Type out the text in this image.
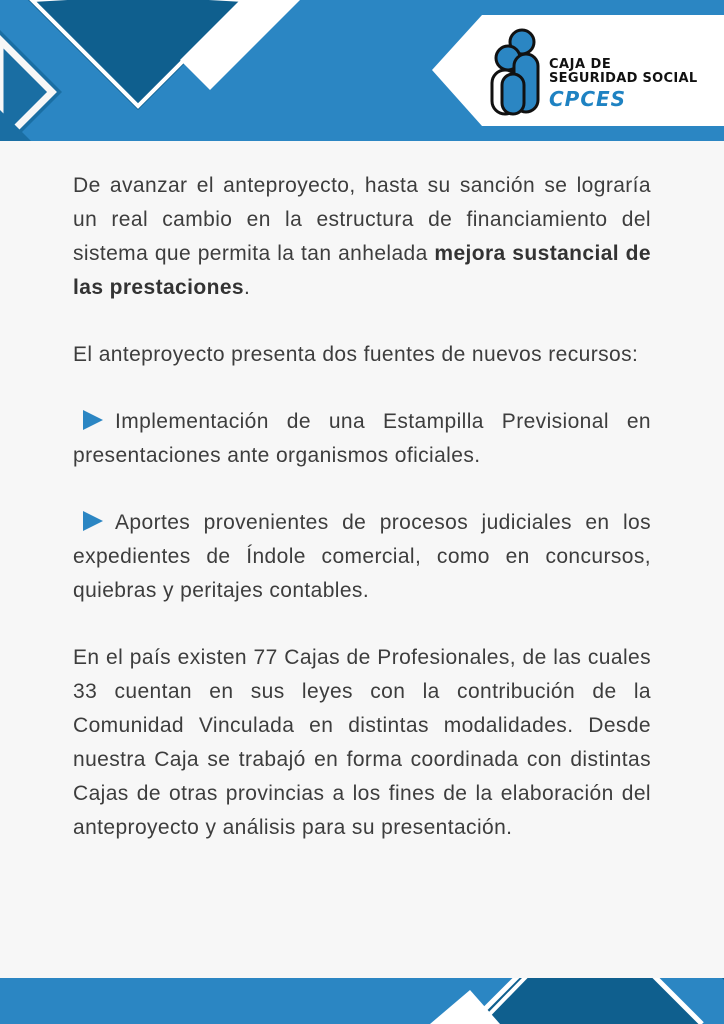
CAJA DE
SEGURIDAD SOCIAL
CPCES

De avanzar el anteproyecto, hasta su sanción se lograría un real cambio en la estructura de financiamiento del sistema que permita la tan anhelada mejora sustancial de las prestaciones.

El anteproyecto presenta dos fuentes de nuevos recursos:

Implementación de una Estampilla Previsional en presentaciones ante organismos oficiales.

Aportes provenientes de procesos judiciales en los expedientes de Índole comercial, como en concursos, quiebras y peritajes contables.

En el país existen 77 Cajas de Profesionales, de las cuales 33 cuentan en sus leyes con la contribución de la Comunidad Vinculada en distintas modalidades. Desde nuestra Caja se trabajó en forma coordinada con distintas Cajas de otras provincias a los fines de la elaboración del anteproyecto y análisis para su presentación.
